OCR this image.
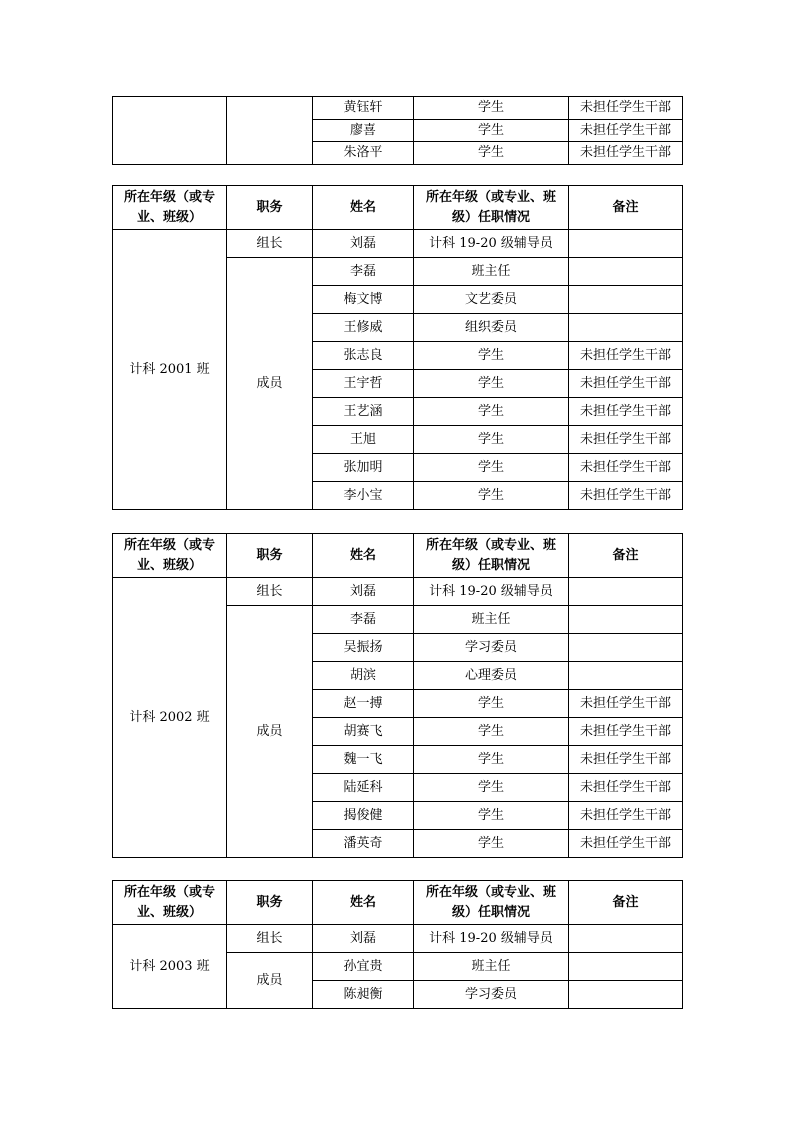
		黄钰轩	学生	未担任学生干部
		廖喜	学生	未担任学生干部
		朱洛平	学生	未担任学生干部
所在年级（或专业、班级）	职务	姓名	所在年级（或专业、班级）任职情况	备注
计科 2001 班	组长	刘磊	计科 19-20 级辅导员	
	成员	李磊	班主任	
		梅文博	文艺委员	
		王修威	组织委员	
		张志良	学生	未担任学生干部
		王宇哲	学生	未担任学生干部
		王艺涵	学生	未担任学生干部
		王旭	学生	未担任学生干部
		张加明	学生	未担任学生干部
		李小宝	学生	未担任学生干部
所在年级（或专业、班级）	职务	姓名	所在年级（或专业、班级）任职情况	备注
计科 2002 班	组长	刘磊	计科 19-20 级辅导员	
	成员	李磊	班主任	
		吴振扬	学习委员	
		胡滨	心理委员	
		赵一搏	学生	未担任学生干部
		胡赛飞	学生	未担任学生干部
		魏一飞	学生	未担任学生干部
		陆延科	学生	未担任学生干部
		揭俊健	学生	未担任学生干部
		潘英奇	学生	未担任学生干部
所在年级（或专业、班级）	职务	姓名	所在年级（或专业、班级）任职情况	备注
计科 2003 班	组长	刘磊	计科 19-20 级辅导员	
	成员	孙宜贵	班主任	
		陈昶衡	学习委员	
